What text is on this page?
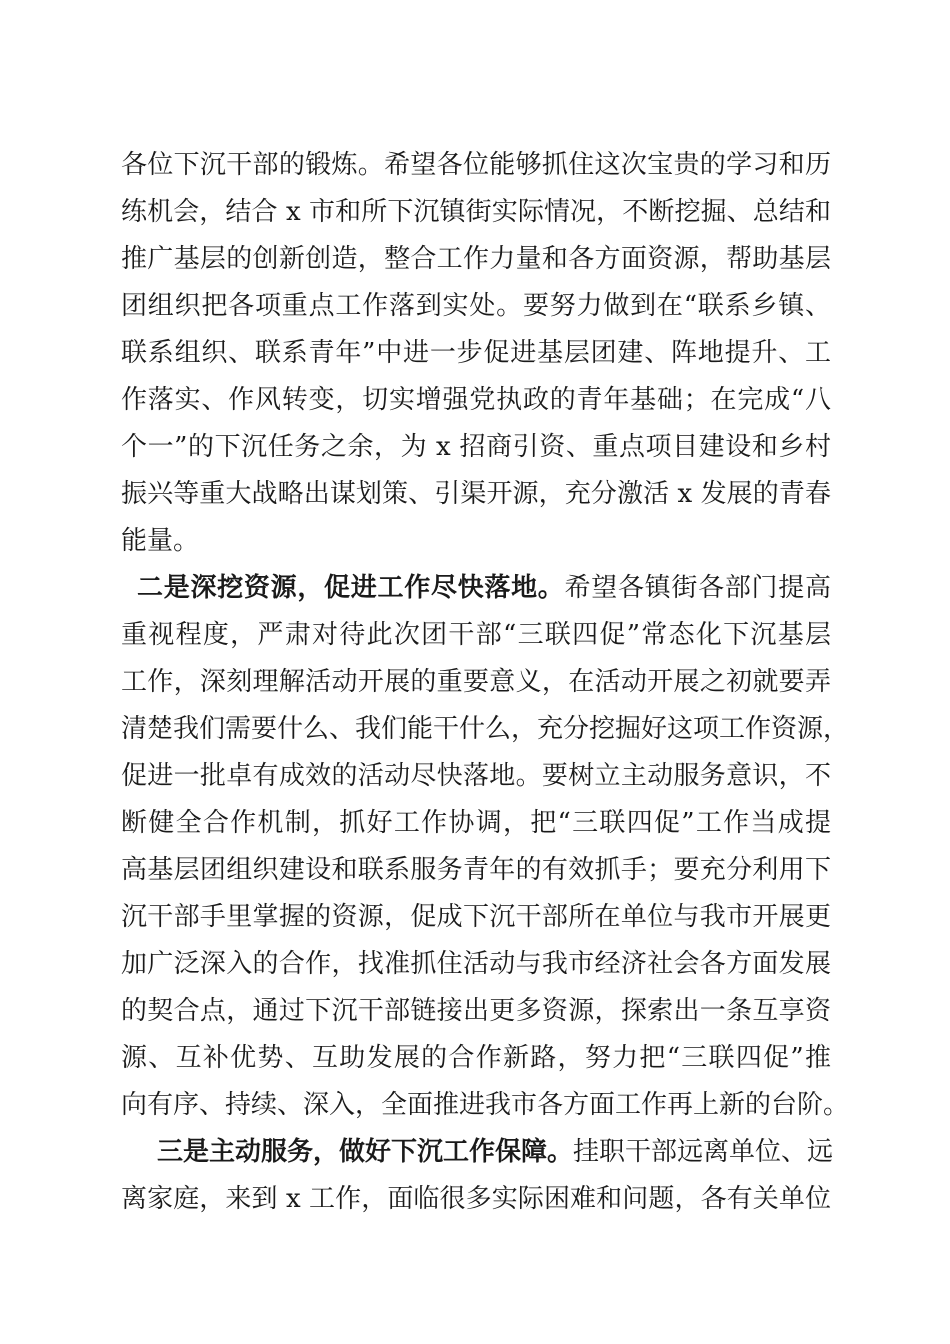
各位下沉干部的锻炼。希望各位能够抓住这次宝贵的学习和历
练机会，结合 x 市和所下沉镇街实际情况，不断挖掘、总结和
推广基层的创新创造，整合工作力量和各方面资源，帮助基层
团组织把各项重点工作落到实处。要努力做到在“联系乡镇、
联系组织、联系青年”中进一步促进基层团建、阵地提升、工
作落实、作风转变，切实增强党执政的青年基础；在完成“八
个一”的下沉任务之余，为 x 招商引资、重点项目建设和乡村
振兴等重大战略出谋划策、引渠开源，充分激活 x 发展的青春
能量。
二是深挖资源，促进工作尽快落地。希望各镇街各部门提高
重视程度，严肃对待此次团干部“三联四促”常态化下沉基层
工作，深刻理解活动开展的重要意义，在活动开展之初就要弄
清楚我们需要什么、我们能干什么，充分挖掘好这项工作资源，
促进一批卓有成效的活动尽快落地。要树立主动服务意识，不
断健全合作机制，抓好工作协调，把“三联四促”工作当成提
高基层团组织建设和联系服务青年的有效抓手；要充分利用下
沉干部手里掌握的资源，促成下沉干部所在单位与我市开展更
加广泛深入的合作，找准抓住活动与我市经济社会各方面发展
的契合点，通过下沉干部链接出更多资源，探索出一条互享资
源、互补优势、互助发展的合作新路，努力把“三联四促”推
向有序、持续、深入，全面推进我市各方面工作再上新的台阶。
三是主动服务，做好下沉工作保障。挂职干部远离单位、远
离家庭，来到 x 工作，面临很多实际困难和问题，各有关单位
